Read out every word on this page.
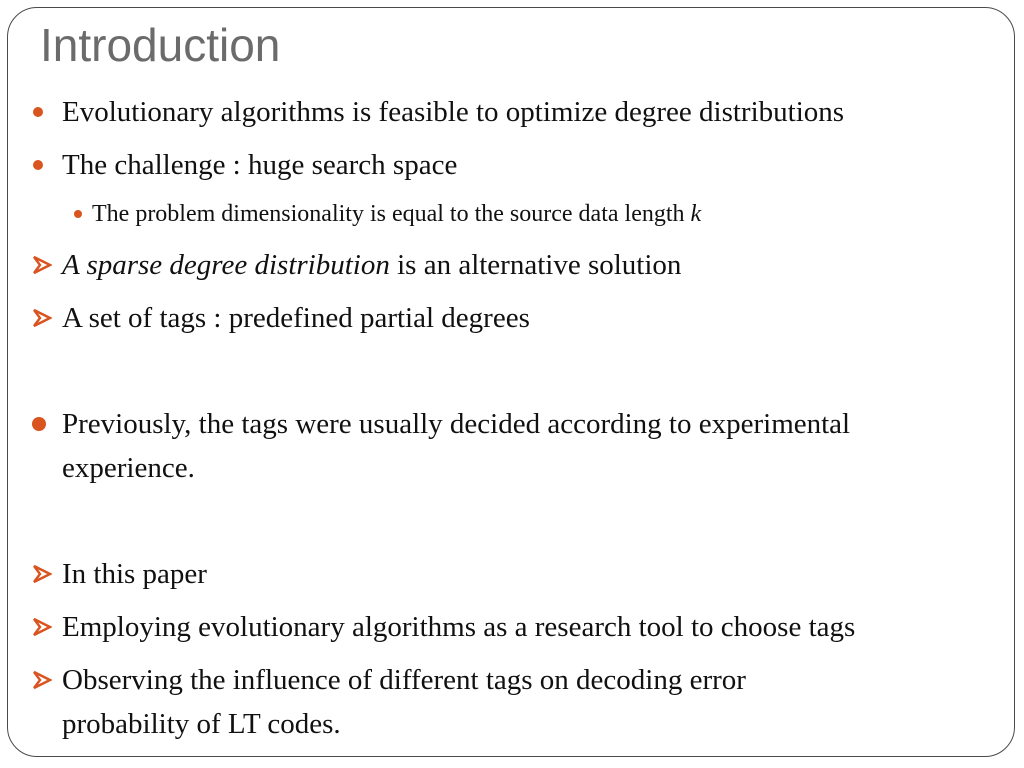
Introduction
Evolutionary algorithms is feasible to optimize degree distributions
The challenge : huge search space
The problem dimensionality is equal to the source data length k
A sparse degree distribution is an alternative solution
A set of tags : predefined partial degrees
Previously, the tags were usually decided according to experimental
experience.
In this paper
Employing evolutionary algorithms as a research tool to choose tags
Observing the influence of different tags on decoding error
probability of LT codes.
